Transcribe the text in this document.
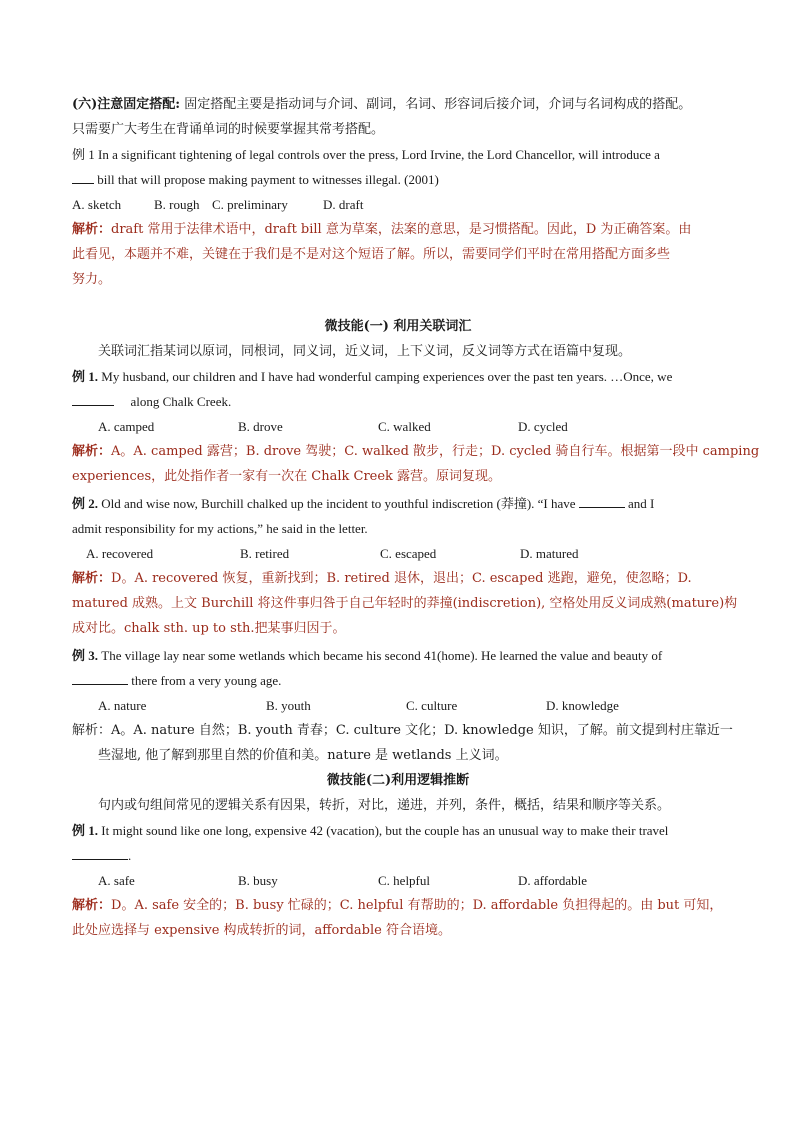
(六)注意固定搭配: 固定搭配主要是指动词与介词、副词，名词、形容词后接介词，介词与名词构成的搭配。
只需要广大考生在背诵单词的时候要掌握其常考搭配。
例 1 In a significant tightening of legal controls over the press, Lord Irvine, the Lord Chancellor, will introduce a
bill that will propose making payment to witnesses illegal. (2001)
A. sketch	B. rough C. preliminary	D. draft
解析：draft 常用于法律术语中，draft bill 意为草案，法案的意思，是习惯搭配。因此，D 为正确答案。由
此看见，本题并不难，关键在于我们是不是对这个短语了解。所以，需要同学们平时在常用搭配方面多些
努力。
微技能(一) 利用关联词汇
关联词汇指某词以原词，同根词，同义词，近义词，上下义词，反义词等方式在语篇中复现。
例 1. My husband, our children and I have had wonderful camping experiences over the past ten years. …Once, we
along Chalk Creek.
A. camped	B. drove	C. walked	D. cycled
解析：A。A. camped 露营；B. drove 驾驶；C. walked 散步，行走；D. cycled 骑自行车。根据第一段中 camping
experiences，此处指作者一家有一次在 Chalk Creek 露营。原词复现。
例 2. Old and wise now, Burchill chalked up the incident to youthful indiscretion (莽撞). “I have	and I
admit responsibility for my actions,” he said in the letter.
A. recovered	B. retired	C. escaped	D. matured
解析：D。A. recovered 恢复，重新找到；B. retired 退休，退出；C. escaped 逃跑，避免，使忽略；D.
matured 成熟。上文 Burchill 将这件事归咎于自己年轻时的莽撞(indiscretion), 空格处用反义词成熟(mature)构
成对比。chalk sth. up to sth.把某事归因于。
例 3. The village lay near some wetlands which became his second 41(home). He learned the value and beauty of
there from a very young age.
A. nature	B. youth	C. culture	D. knowledge
解析：A。A. nature 自然；B. youth 青春；C. culture 文化；D. knowledge 知识，了解。前文提到村庄靠近一
些湿地, 他了解到那里自然的价值和美。nature 是 wetlands 上义词。
微技能(二)利用逻辑推断
句内或句组间常见的逻辑关系有因果，转折，对比，递进，并列，条件，概括，结果和顺序等关系。
例 1. It might sound like one long, expensive 42 (vacation), but the couple has an unusual way to make their travel
.
A. safe	B. busy	C. helpful	D. affordable
解析：D。A. safe 安全的；B. busy 忙碌的；C. helpful 有帮助的；D. affordable 负担得起的。由 but 可知，
此处应选择与 expensive 构成转折的词，affordable 符合语境。
